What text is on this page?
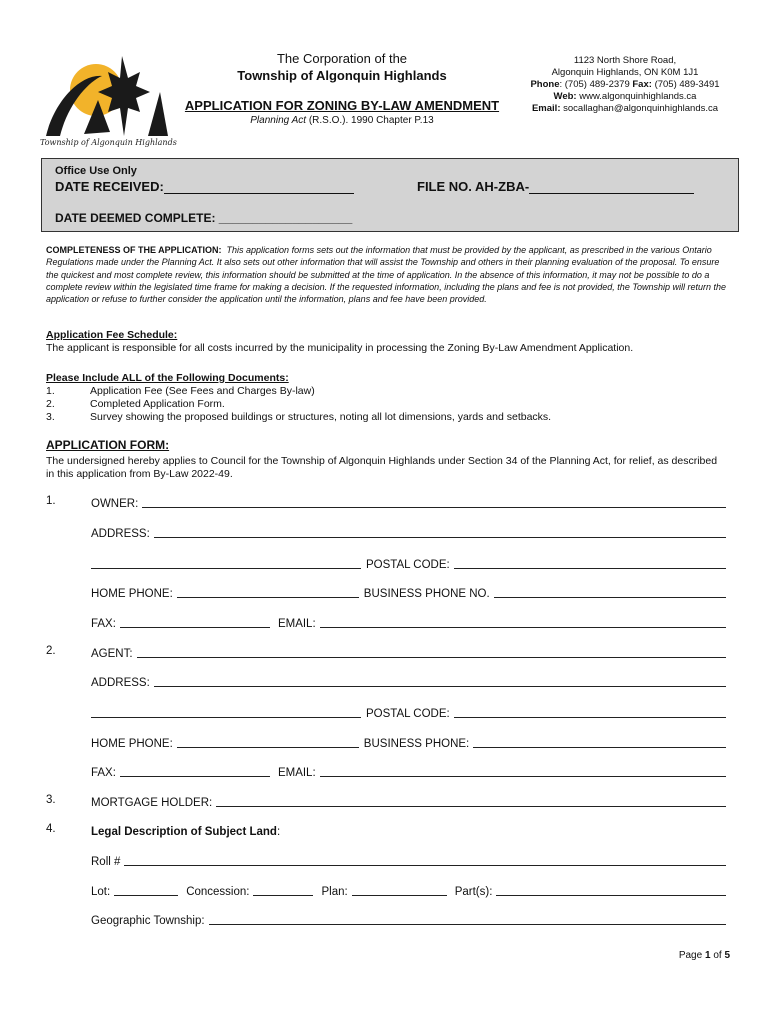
Township of Algonquin Highlands
The Corporation of the
Township of Algonquin Highlands
APPLICATION FOR ZONING BY-LAW AMENDMENT
Planning Act (R.S.O.). 1990 Chapter P.13
1123 North Shore Road,
Algonquin Highlands, ON K0M 1J1
Phone: (705) 489-2379 Fax: (705) 489-3491
Web: www.algonquinhighlands.ca
Email: socallaghan@algonquinhighlands.ca
Office Use Only
DATE RECEIVED:	FILE NO. AH-ZBA-
DATE DEEMED COMPLETE: ____________________
COMPLETENESS OF THE APPLICATION: This application forms sets out the information that must be provided by the applicant, as prescribed in the various Ontario Regulations made under the Planning Act. It also sets out other information that will assist the Township and others in their planning evaluation of the proposal. To ensure the quickest and most complete review, this information should be submitted at the time of application. In the absence of this information, it may not be possible to do a complete review within the legislated time frame for making a decision. If the requested information, including the plans and fee is not provided, the Township will return the application or refuse to further consider the application until the information, plans and fee have been provided.
Application Fee Schedule:
The applicant is responsible for all costs incurred by the municipality in processing the Zoning By-Law Amendment Application.
Please Include ALL of the Following Documents:
1.	Application Fee (See Fees and Charges By-law)
2.	Completed Application Form.
3.	Survey showing the proposed buildings or structures, noting all lot dimensions, yards and setbacks.
APPLICATION FORM:
The undersigned hereby applies to Council for the Township of Algonquin Highlands under Section 34 of the Planning Act, for relief, as described in this application from By-Law 2022-49.
1.	OWNER:
ADDRESS:
POSTAL CODE:
HOME PHONE:	BUSINESS PHONE NO.
FAX:	EMAIL:
2.	AGENT:
ADDRESS:
POSTAL CODE:
HOME PHONE:	BUSINESS PHONE:
FAX:	EMAIL:
3.	MORTGAGE HOLDER:
4.	Legal Description of Subject Land :
Roll #
Lot:	Concession:	Plan:	Part(s):
Geographic Township:
Page 1 of 5
